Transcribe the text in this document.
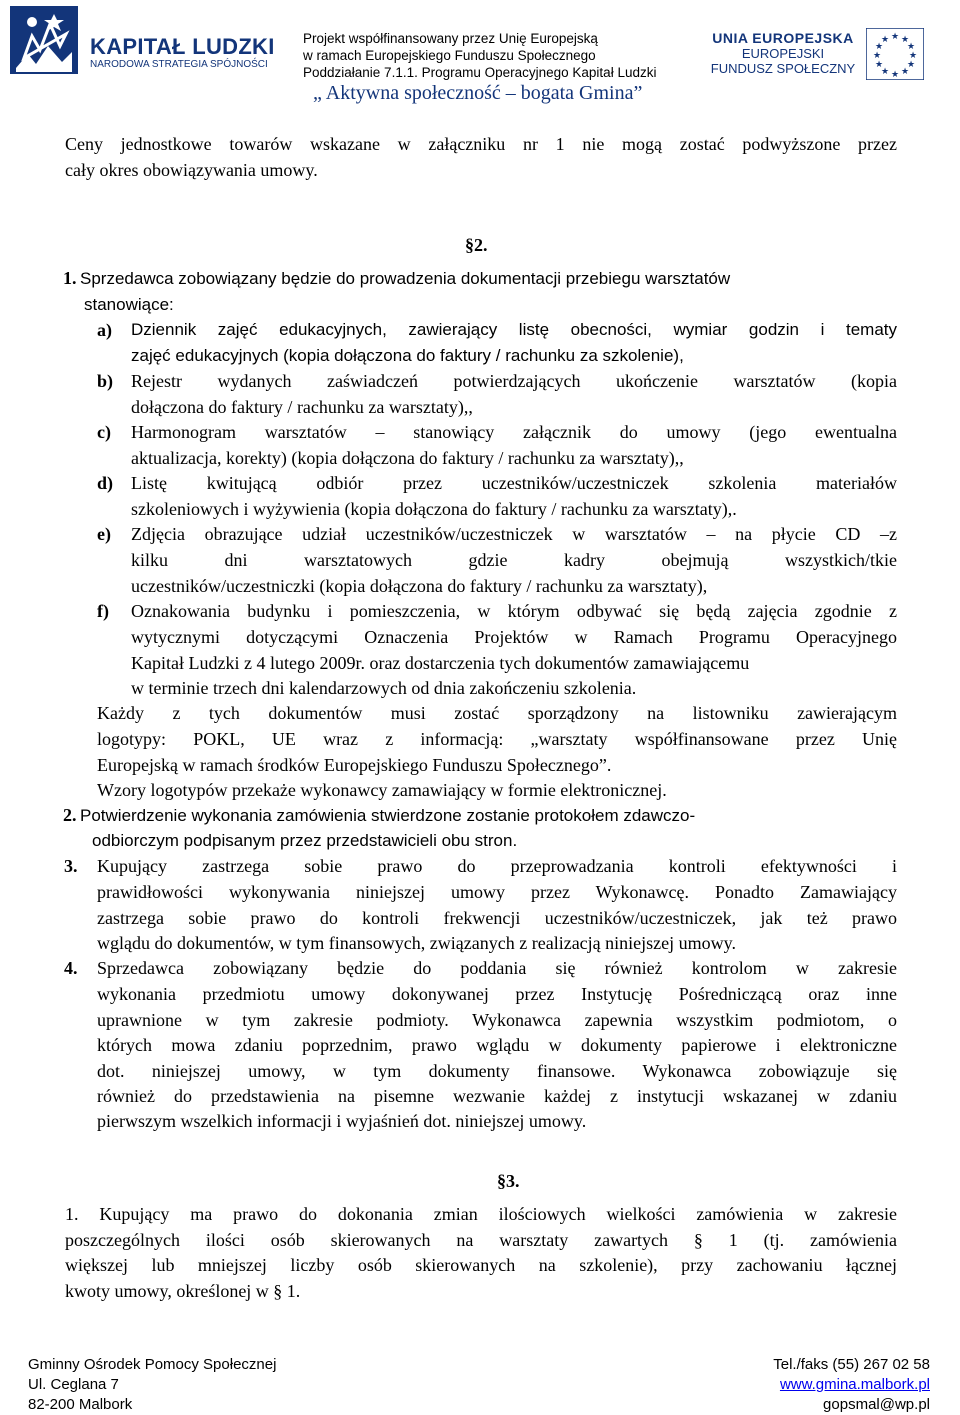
KAPITAŁ LUDZKI
NARODOWA STRATEGIA SPÓJNOŚCI
Projekt współfinansowany przez Unię Europejską
w ramach Europejskiego Funduszu Społecznego
Poddziałanie 7.1.1. Programu Operacyjnego Kapitał Ludzki
„ Aktywna społeczność – bogata Gmina”
UNIA EUROPEJSKA
EUROPEJSKI
FUNDUSZ SPOŁECZNY
★ ★
★
★
★
★
★
★
★
★
★
★
Ceny jednostkowe towarów wskazane w załączniku nr 1 nie mogą zostać podwyższone przez
cały okres obowiązywania umowy.
§2.
1. Sprzedawca zobowiązany będzie do prowadzenia dokumentacji przebiegu warsztatów
stanowiące:
a) Dziennik zajęć edukacyjnych, zawierający listę obecności, wymiar godzin i tematy
zajęć edukacyjnych (kopia dołączona do faktury / rachunku za szkolenie),
b) Rejestr wydanych zaświadczeń potwierdzających ukończenie warsztatów (kopia
dołączona do faktury / rachunku za warsztaty),,
c) Harmonogram warsztatów – stanowiący załącznik do umowy (jego ewentualna
aktualizacja, korekty) (kopia dołączona do faktury / rachunku za warsztaty),,
d) Listę kwitującą odbiór przez uczestników/uczestniczek szkolenia materiałów
szkoleniowych i wyżywienia (kopia dołączona do faktury / rachunku za warsztaty),.
e) Zdjęcia obrazujące udział uczestników/uczestniczek w warsztatów – na płycie CD –z
kilku dni warsztatowych gdzie kadry obejmują wszystkich/tkie
uczestników/uczestniczki (kopia dołączona do faktury / rachunku za warsztaty),
f) Oznakowania budynku i pomieszczenia, w którym odbywać się będą zajęcia zgodnie z
wytycznymi dotyczącymi Oznaczenia Projektów w Ramach Programu Operacyjnego
Kapitał Ludzki z 4 lutego 2009r. oraz dostarczenia tych dokumentów zamawiającemu
w terminie trzech dni kalendarzowych od dnia zakończeniu szkolenia.
Każdy z tych dokumentów musi zostać sporządzony na listowniku zawierającym
logotypy: POKL, UE wraz z informacją: „warsztaty współfinansowane przez Unię
Europejską w ramach środków Europejskiego Funduszu Społecznego”.
Wzory logotypów przekaże wykonawcy zamawiający w formie elektronicznej.
2. Potwierdzenie wykonania zamówienia stwierdzone zostanie protokołem zdawczo-
odbiorczym podpisanym przez przedstawicieli obu stron.
3. Kupujący zastrzega sobie prawo do przeprowadzania kontroli efektywności i
prawidłowości wykonywania niniejszej umowy przez Wykonawcę. Ponadto Zamawiający
zastrzega sobie prawo do kontroli frekwencji uczestników/uczestniczek, jak też prawo
wglądu do dokumentów, w tym finansowych, związanych z realizacją niniejszej umowy.
4. Sprzedawca zobowiązany będzie do poddania się również kontrolom w zakresie
wykonania przedmiotu umowy dokonywanej przez Instytucję Pośredniczącą oraz inne
uprawnione w tym zakresie podmioty. Wykonawca zapewnia wszystkim podmiotom, o
których mowa zdaniu poprzednim, prawo wglądu w dokumenty papierowe i elektroniczne
dot. niniejszej umowy, w tym dokumenty finansowe. Wykonawca zobowiązuje się
również do przedstawienia na pisemne wezwanie każdej z instytucji wskazanej w zdaniu
pierwszym wszelkich informacji i wyjaśnień dot. niniejszej umowy.
§3.
1. Kupujący ma prawo do dokonania zmian ilościowych wielkości zamówienia w zakresie
poszczególnych ilości osób skierowanych na warsztaty zawartych § 1 (tj. zamówienia
większej lub mniejszej liczby osób skierowanych na szkolenie), przy zachowaniu łącznej
kwoty umowy, określonej w § 1.
Gminny Ośrodek Pomocy Społecznej
Ul. Ceglana 7
82-200 Malbork
Tel./faks (55) 267 02 58
www.gmina.malbork.pl
gopsmal@wp.pl
